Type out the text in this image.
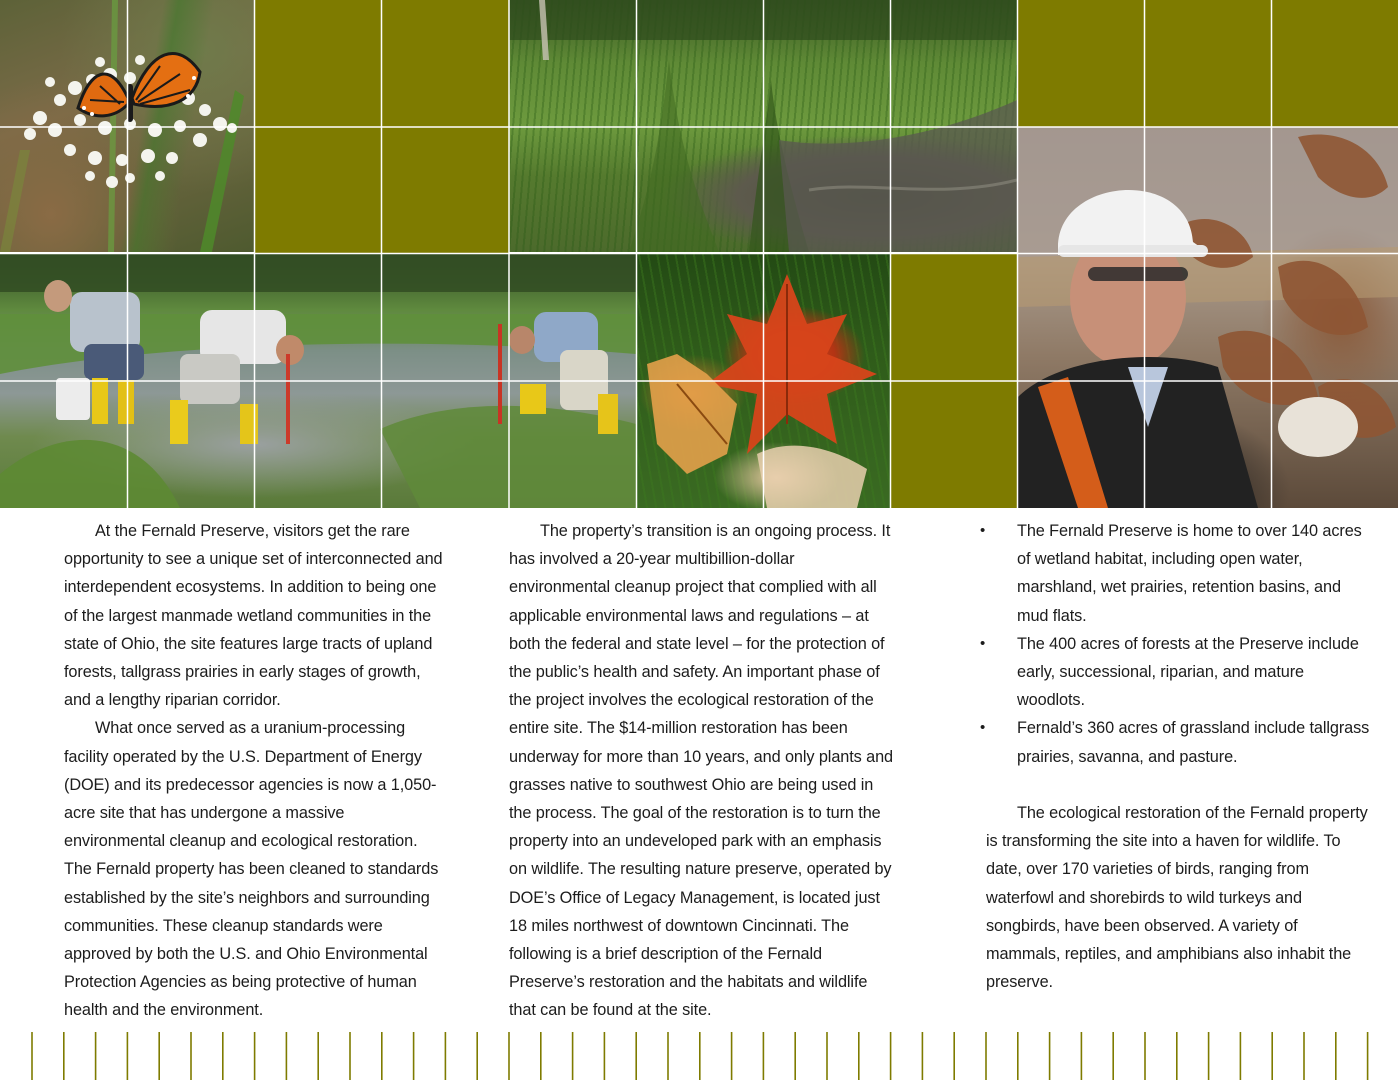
At the Fernald Preserve, visitors get the rare opportunity to see a unique set of interconnected and interdependent ecosystems. In addition to being one of the largest manmade wetland communities in the state of Ohio, the site features large tracts of upland forests, tallgrass prairies in early stages of growth, and a lengthy riparian corridor.

What once served as a uranium-processing facility operated by the U.S. Department of Energy (DOE) and its predecessor agencies is now a 1,050-acre site that has undergone a massive environmental cleanup and ecological restoration. The Fernald property has been cleaned to standards established by the site’s neighbors and surrounding communities. These cleanup standards were approved by both the U.S. and Ohio Environmental Protection Agencies as being protective of human health and the environment.

The property’s transition is an ongoing process. It has involved a 20-year multibillion-dollar environmental cleanup project that complied with all applicable environmental laws and regulations – at both the federal and state level – for the protection of the public’s health and safety. An important phase of the project involves the ecological restoration of the entire site. The $14-million restoration has been underway for more than 10 years, and only plants and grasses native to southwest Ohio are being used in the process. The goal of the restoration is to turn the property into an undeveloped park with an emphasis on wildlife. The resulting nature preserve, operated by DOE’s Office of Legacy Management, is located just 18 miles northwest of downtown Cincinnati. The following is a brief description of the Fernald Preserve’s restoration and the habitats and wildlife that can be found at the site.

• The Fernald Preserve is home to over 140 acres of wetland habitat, including open water, marshland, wet prairies, retention basins, and mud flats.
• The 400 acres of forests at the Preserve include early, successional, riparian, and mature woodlots.
• Fernald’s 360 acres of grassland include tallgrass prairies, savanna, and pasture.

The ecological restoration of the Fernald property is transforming the site into a haven for wildlife. To date, over 170 varieties of birds, ranging from waterfowl and shorebirds to wild turkeys and songbirds, have been observed. A variety of mammals, reptiles, and amphibians also inhabit the preserve.
